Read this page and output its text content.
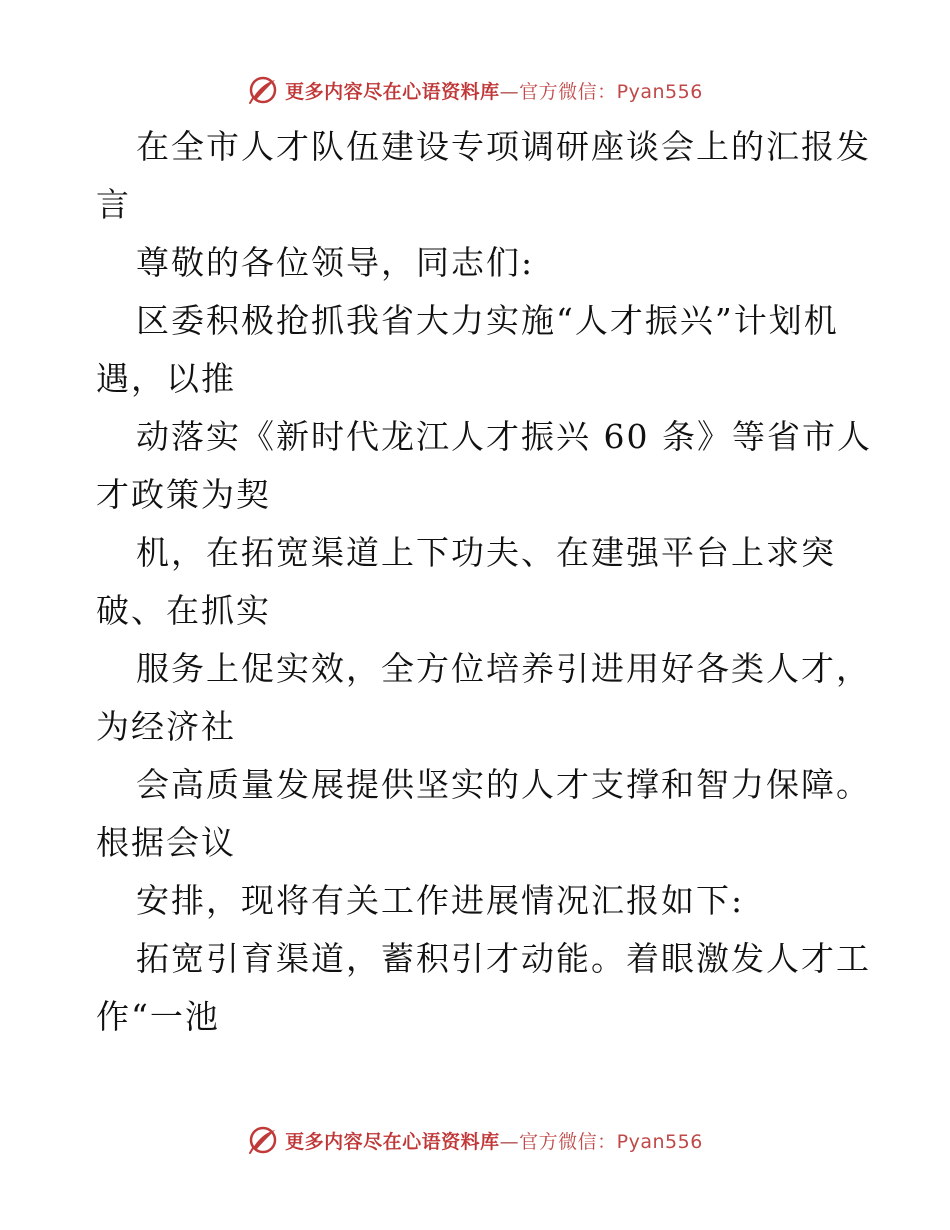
更多内容尽在心语资料库—官方微信：Pyan556
在全市人才队伍建设专项调研座谈会上的汇报发
言
尊敬的各位领导，同志们:
区委积极抢抓我省大力实施“人才振兴”计划机
遇，以推
动落实《新时代龙江人才振兴 60 条》等省市人
才政策为契
机，在拓宽渠道上下功夫、在建强平台上求突
破、在抓实
服务上促实效，全方位培养引进用好各类人才，
为经济社
会高质量发展提供坚实的人才支撑和智力保障。
根据会议
安排，现将有关工作进展情况汇报如下:
拓宽引育渠道，蓄积引才动能。着眼激发人才工
作“一池
更多内容尽在心语资料库—官方微信：Pyan556
